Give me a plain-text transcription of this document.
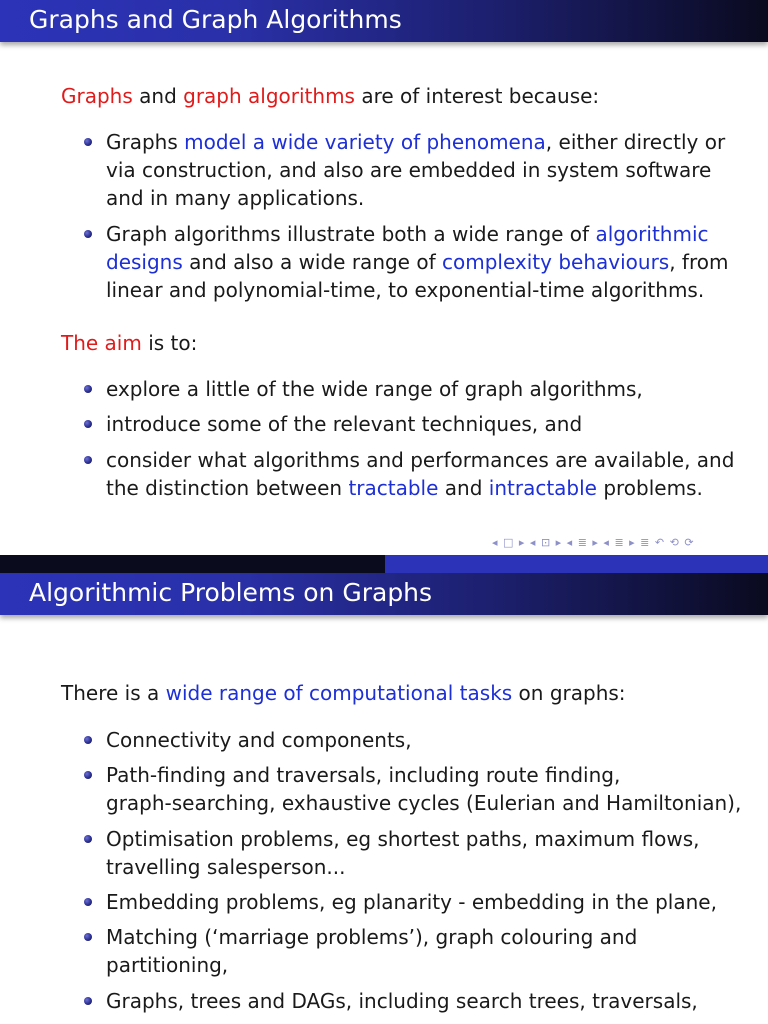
Graphs and Graph Algorithms
Graphs and graph algorithms are of interest because:
Graphs model a wide variety of phenomena, either directly or
via construction, and also are embedded in system software
and in many applications.
Graph algorithms illustrate both a wide range of algorithmic
designs and also a wide range of complexity behaviours, from
linear and polynomial-time, to exponential-time algorithms.
The aim is to:
explore a little of the wide range of graph algorithms,
introduce some of the relevant techniques, and
consider what algorithms and performances are available, and
the distinction between tractable and intractable problems.
◂ □ ▸ ◂ ⊡ ▸ ◂ ≣ ▸ ◂ ≣ ▸ ≣ ↶ ⟲ ⟳
Algorithmic Problems on Graphs
There is a wide range of computational tasks on graphs:
Connectivity and components,
Path-finding and traversals, including route finding,
graph-searching, exhaustive cycles (Eulerian and Hamiltonian),
Optimisation problems, eg shortest paths, maximum flows,
travelling salesperson...
Embedding problems, eg planarity - embedding in the plane,
Matching (‘marriage problems’), graph colouring and
partitioning,
Graphs, trees and DAGs, including search trees, traversals,
